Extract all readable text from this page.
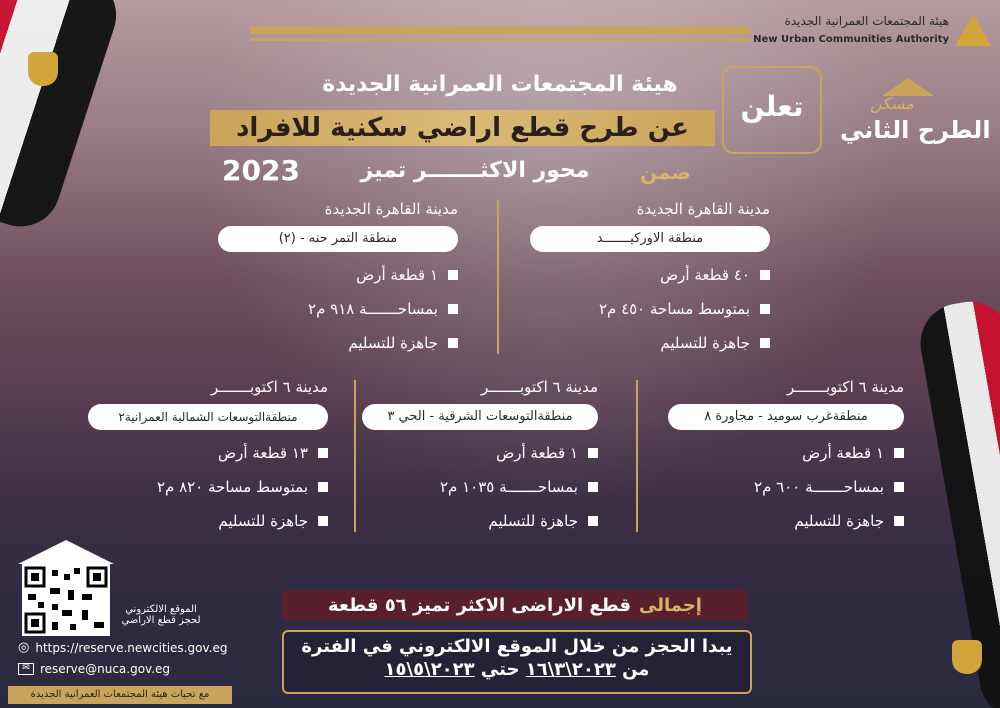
هيئة المجتمعات العمرانية الجديدة
New Urban Communities Authority
مسكن
الطرح الثاني
هيئة المجتمعات العمرانية الجديدة
تعلن
عن طرح قطع اراضي سكنية للافراد
ضمن
محور الاكثـــــــر تميز
2023
مدينة القاهرة الجديدة
منطقة الاوركيـــــــد
٤٠ قطعة أرض
بمتوسط مساحة ٤٥٠ م٢
جاهزة للتسليم
مدينة القاهرة الجديدة
منطقة التمر حنه - (٢)
١ قطعة أرض
بمساحـــــــة ٩١٨ م٢
جاهزة للتسليم
مدينة ٦ اكتوبـــــــر
منطقةغرب سوميد - مجاورة ٨
١ قطعة أرض
بمساحـــــــة ٦٠٠ م٢
جاهزة للتسليم
مدينة ٦ اكتوبـــــــر
منطقةالتوسعات الشرقية - الحي ٣
١ قطعة أرض
بمساحـــــــة ١٠٣٥ م٢
جاهزة للتسليم
مدينة ٦ اكتوبـــــــر
منطقةالتوسعات الشمالية العمرانية٢
١٣ قطعة أرض
بمتوسط مساحة ٨٢٠ م٢
جاهزة للتسليم
إجمالى
قطع الاراضى الاكثر تميز ٥٦ قطعة
يبدا الحجز من خلال الموقع الالكتروني في الفترة
من ٢٠٢٣\٣\١٦ حتي ٢٠٢٣\٥\١٥
الموقع الالكتروني
لحجز قطع الاراضي
◎ https://reserve.newcities.gov.eg
✉ reserve@nuca.gov.eg
مع تحيات هيئة المجتمعات العمرانية الجديدة
